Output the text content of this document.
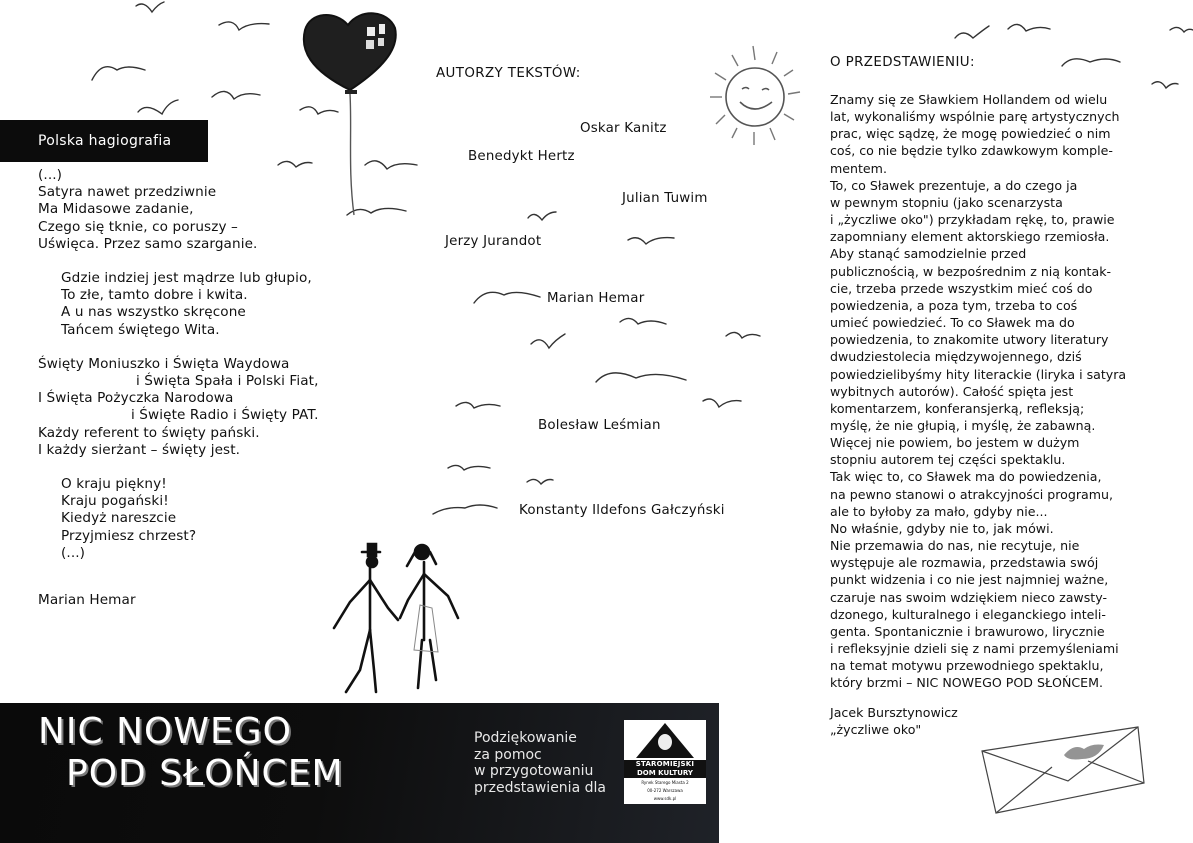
Polska hagiografia
(...)
Satyra nawet przedziwnie
Ma Midasowe zadanie,
Czego się tknie, co poruszy –
Uświęca. Przez samo szarganie.
Gdzie indziej jest mądrze lub głupio,
To złe, tamto dobre i kwita.
A u nas wszystko skręcone
Tańcem świętego Wita.
Święty Moniuszko i Święta Waydowa
i Święta Spała i Polski Fiat,
I Święta Pożyczka Narodowa
i Święte Radio i Święty PAT.
Każdy referent to święty pański.
I każdy sierżant – święty jest.
O kraju piękny!
Kraju pogański!
Kiedyż nareszcie
Przyjmiesz chrzest?
(...)
Marian Hemar
AUTORZY TEKSTÓW:
Oskar Kanitz
Benedykt Hertz
Julian Tuwim
Jerzy Jurandot
Marian Hemar
Bolesław Leśmian
Konstanty Ildefons Gałczyński
O PRZEDSTAWIENIU:
Znamy się ze Sławkiem Hollandem od wielu
lat, wykonaliśmy wspólnie parę artystycznych
prac, więc sądzę, że mogę powiedzieć o nim
coś, co nie będzie tylko zdawkowym komple-
mentem.
To, co Sławek prezentuje, a do czego ja
w pewnym stopniu (jako scenarzysta
i „życzliwe oko") przykładam rękę, to, prawie
zapomniany element aktorskiego rzemiosła.
Aby stanąć samodzielnie przed
publicznością, w bezpośrednim z nią kontak-
cie, trzeba przede wszystkim mieć coś do
powiedzenia, a poza tym, trzeba to coś
umieć powiedzieć. To co Sławek ma do
powiedzenia, to znakomite utwory literatury
dwudziestolecia międzywojennego, dziś
powiedzielibyśmy hity literackie (liryka i satyra
wybitnych autorów). Całość spięta jest
komentarzem, konferansjerką, refleksją;
myślę, że nie głupią, i myślę, że zabawną.
Więcej nie powiem, bo jestem w dużym
stopniu autorem tej części spektaklu.
Tak więc to, co Sławek ma do powiedzenia,
na pewno stanowi o atrakcyjności programu,
ale to byłoby za mało, gdyby nie...
No właśnie, gdyby nie to, jak mówi.
Nie przemawia do nas, nie recytuje, nie
występuje ale rozmawia, przedstawia swój
punkt widzenia i co nie jest najmniej ważne,
czaruje nas swoim wdziękiem nieco zawsty-
dzonego, kulturalnego i eleganckiego inteli-
genta. Spontanicznie i brawurowo, lirycznie
i refleksyjnie dzieli się z nami przemyśleniami
na temat motywu przewodniego spektaklu,
który brzmi – NIC NOWEGO POD SŁOŃCEM.
Jacek Bursztynowicz
„życzliwe oko"
NIC NOWEGO
POD SŁOŃCEM
Podziękowanie
za pomoc
w przygotowaniu
przedstawienia dla
STAROMIEJSKI
DOM KULTURY
Rynek Starego Miasta 2
00-272 Warszawa
www.sdk.pl
